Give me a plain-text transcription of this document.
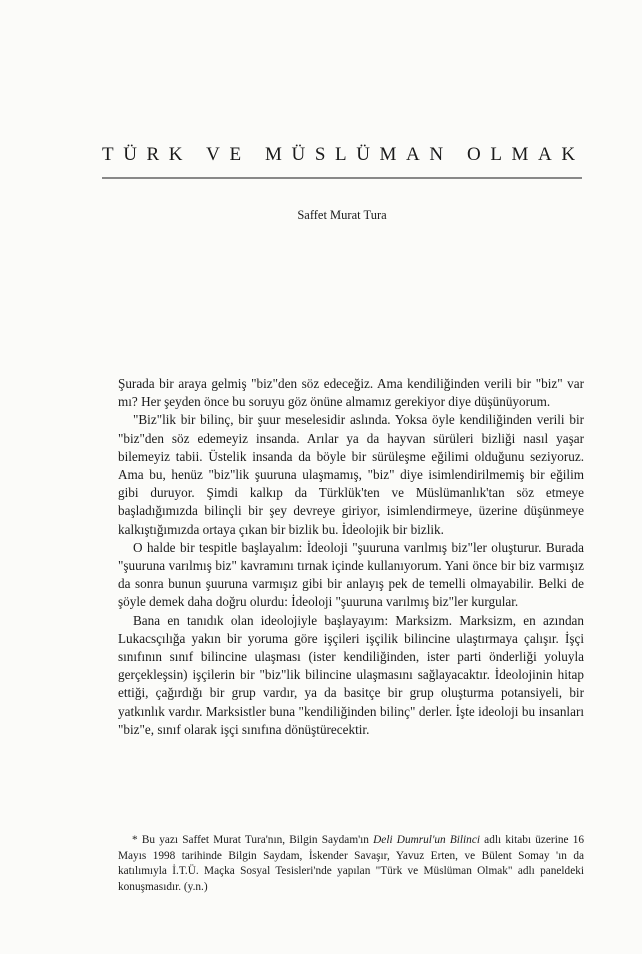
TÜRK VE MÜSLÜMAN OLMAK
Saffet Murat Tura

Şurada bir araya gelmiş "biz"den söz edeceğiz. Ama kendiliğinden verili bir "biz" var mı? Her şeyden önce bu soruyu göz önüne almamız gerekiyor diye düşünüyorum.

"Biz"lik bir bilinç, bir şuur meselesidir aslında. Yoksa öyle kendiliğinden verili bir "biz"den söz edemeyiz insanda. Arılar ya da hayvan sürüleri bizliği nasıl yaşar bilemeyiz tabii. Üstelik insanda da böyle bir sürüleşme eğilimi olduğunu seziyoruz. Ama bu, henüz "biz"lik şuuruna ulaşmamış, "biz" diye isimlendirilmemiş bir eğilim gibi duruyor. Şimdi kalkıp da Türklük'ten ve Müslümanlık'tan söz etmeye başladığımızda bilinçli bir şey devreye giriyor, isimlendirmeye, üzerine düşünmeye kalkıştığımızda ortaya çıkan bir bizlik bu. İdeolojik bir bizlik.

O halde bir tespitle başlayalım: İdeoloji "şuuruna varılmış biz"ler oluşturur. Burada "şuuruna varılmış biz" kavramını tırnak içinde kullanıyorum. Yani önce bir biz varmışız da sonra bunun şuuruna varmışız gibi bir anlayış pek de temelli olmayabilir. Belki de şöyle demek daha doğru olurdu: İdeoloji "şuuruna varılmış biz"ler kurgular.

Bana en tanıdık olan ideolojiyle başlayayım: Marksizm. Marksizm, en azından Lukacsçılığa yakın bir yoruma göre işçileri işçilik bilincine ulaştırmaya çalışır. İşçi sınıfının sınıf bilincine ulaşması (ister kendiliğinden, ister parti önderliği yoluyla gerçekleşsin) işçilerin bir "biz"lik bilincine ulaşmasını sağlayacaktır. İdeolojinin hitap ettiği, çağırdığı bir grup vardır, ya da basitçe bir grup oluşturma potansiyeli, bir yatkınlık vardır. Marksistler buna "kendiliğinden bilinç" derler. İşte ideoloji bu insanları "biz"e, sınıf olarak işçi sınıfına dönüştürecektir.

* Bu yazı Saffet Murat Tura'nın, Bilgin Saydam'ın Deli Dumrul'un Bilinci adlı kitabı üzerine 16 Mayıs 1998 tarihinde Bilgin Saydam, İskender Savaşır, Yavuz Erten, ve Bülent Somay 'ın da katılımıyla İ.T.Ü. Maçka Sosyal Tesisleri'nde yapılan "Türk ve Müslüman Olmak" adlı paneldeki konuşmasıdır. (y.n.)
